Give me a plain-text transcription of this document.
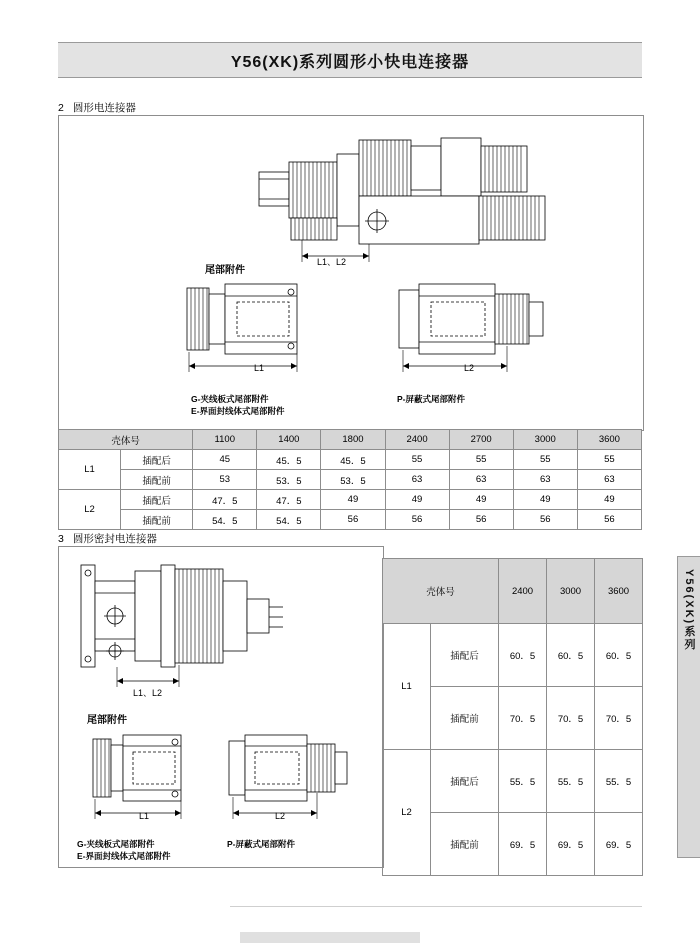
Y56(XK)系列圆形小快电连接器
2 圆形电连接器
L1、L2
尾部附件
L1	L2
G-夹线板式尾部附件
E-界面封线体式尾部附件
P-屏蔽式尾部附件
壳体号		1100	1400	1800	2400	2700	3000	3600
L1	插配后	45	45．5	45．5	55	55	55	55
	插配前	53	53．5	53．5	63	63	63	63
L2	插配后	47．5	47．5	49	49	49	49	49
	插配前	54．5	54．5	56	56	56	56	56
3 圆形密封电连接器
L1、L2
尾部附件
L1	L2
G-夹线板式尾部附件
E-界面封线体式尾部附件
P-屏蔽式尾部附件
壳体号		2400	3000	3600
L1	插配后	60．5	60．5	60．5
	插配前	70．5	70．5	70．5
L2	插配后	55．5	55．5	55．5
	插配前	69．5	69．5	69．5
Y56(XK)系列
